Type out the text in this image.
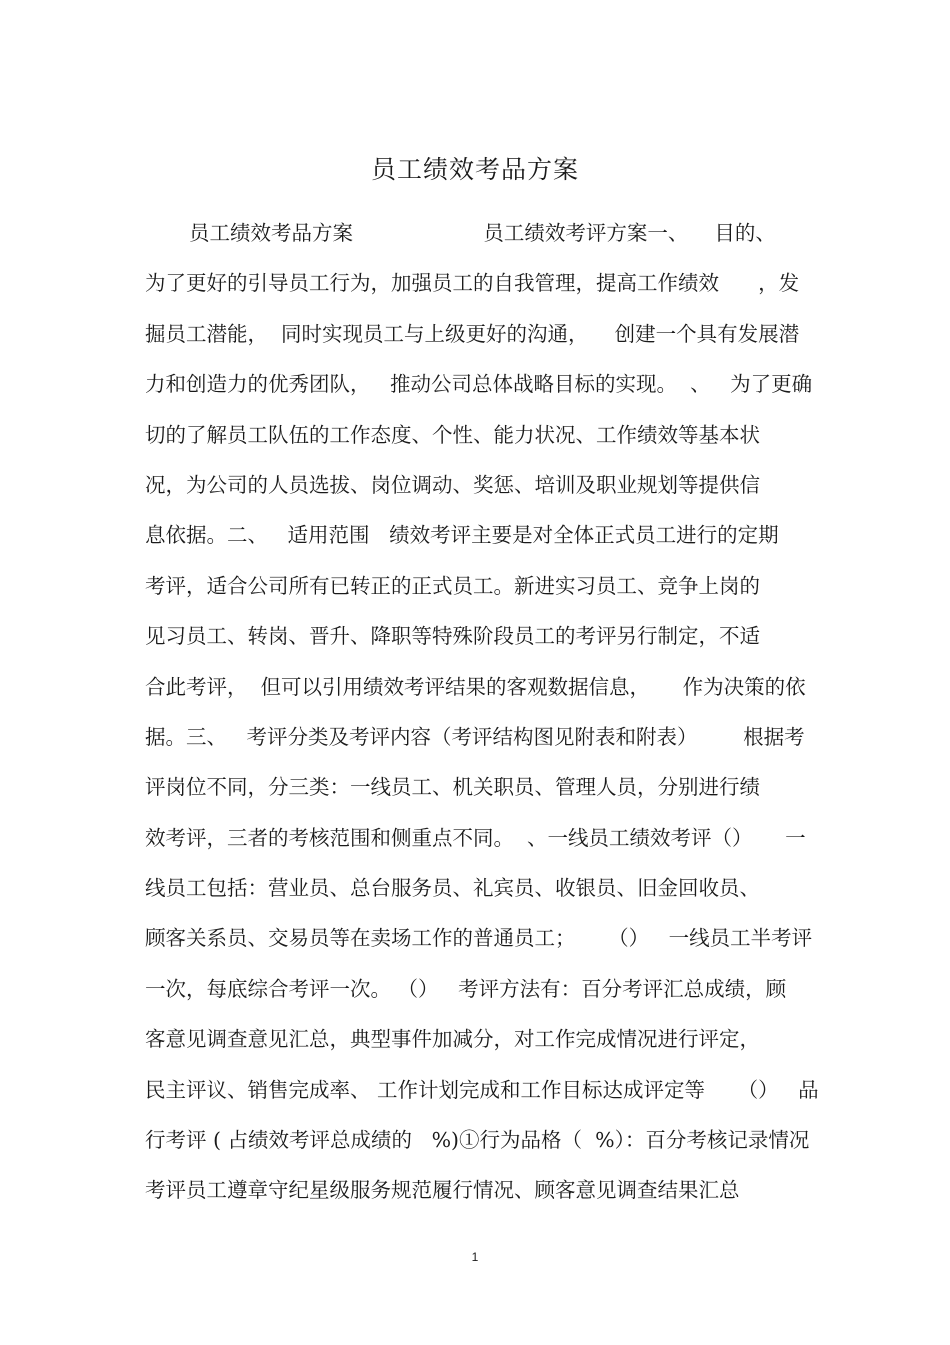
员工绩效考品方案
员工绩效考品方案                    员工绩效考评方案一、    目的、
为了更好的引导员工行为，加强员工的自我管理，提高工作绩效      ，发
掘员工潜能，  同时实现员工与上级更好的沟通，    创建一个具有发展潜
力和创造力的优秀团队，   推动公司总体战略目标的实现。  、   为了更确
切的了解员工队伍的工作态度、个性、能力状况、工作绩效等基本状
况，为公司的人员选拔、岗位调动、奖惩、培训及职业规划等提供信
息依据。二、   适用范围   绩效考评主要是对全体正式员工进行的定期
考评，适合公司所有已转正的正式员工。新进实习员工、竞争上岗的
见习员工、转岗、晋升、降职等特殊阶段员工的考评另行制定，不适
合此考评，  但可以引用绩效考评结果的客观数据信息，     作为决策的依
据。三、   考评分类及考评内容（考评结构图见附表和附表）       根据考
评岗位不同，分三类：一线员工、机关职员、管理人员，分别进行绩
效考评，三者的考核范围和侧重点不同。  、一线员工绩效考评（）     一
线员工包括：营业员、总台服务员、礼宾员、收银员、旧金回收员、
顾客关系员、交易员等在卖场工作的普通员工；     （）   一线员工半考评
一次，每底综合考评一次。 （）   考评方法有：百分考评汇总成绩，顾
客意见调查意见汇总，典型事件加减分，对工作完成情况进行评定，
民主评议、销售完成率、 工作计划完成和工作目标达成评定等     （）   品
行考评 ( 占绩效考评总成绩的   %)①行为品格（  %）：百分考核记录情况
考评员工遵章守纪星级服务规范履行情况、顾客意见调查结果汇总
1
